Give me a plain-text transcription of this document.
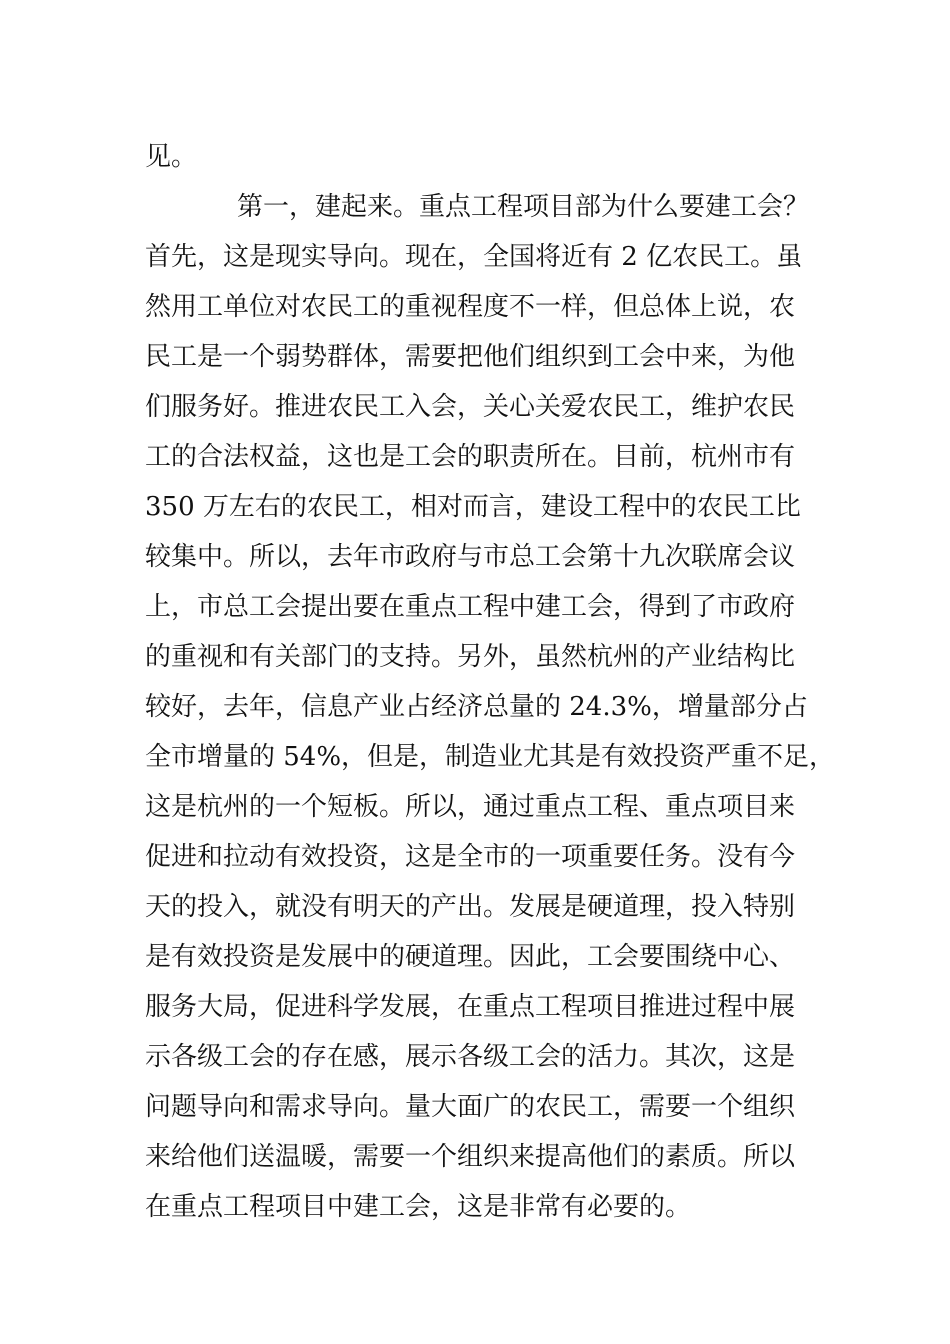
见。
第一，建起来。重点工程项目部为什么要建工会？
首先，这是现实导向。现在，全国将近有 2 亿农民工。虽
然用工单位对农民工的重视程度不一样，但总体上说，农
民工是一个弱势群体，需要把他们组织到工会中来，为他
们服务好。推进农民工入会，关心关爱农民工，维护农民
工的合法权益，这也是工会的职责所在。目前，杭州市有
350 万左右的农民工，相对而言，建设工程中的农民工比
较集中。所以，去年市政府与市总工会第十九次联席会议
上，市总工会提出要在重点工程中建工会，得到了市政府
的重视和有关部门的支持。另外，虽然杭州的产业结构比
较好，去年，信息产业占经济总量的 24.3%，增量部分占
全市增量的 54%，但是，制造业尤其是有效投资严重不足，
这是杭州的一个短板。所以，通过重点工程、重点项目来
促进和拉动有效投资，这是全市的一项重要任务。没有今
天的投入，就没有明天的产出。发展是硬道理，投入特别
是有效投资是发展中的硬道理。因此，工会要围绕中心、
服务大局，促进科学发展，在重点工程项目推进过程中展
示各级工会的存在感，展示各级工会的活力。其次，这是
问题导向和需求导向。量大面广的农民工，需要一个组织
来给他们送温暖，需要一个组织来提高他们的素质。所以
在重点工程项目中建工会，这是非常有必要的。
